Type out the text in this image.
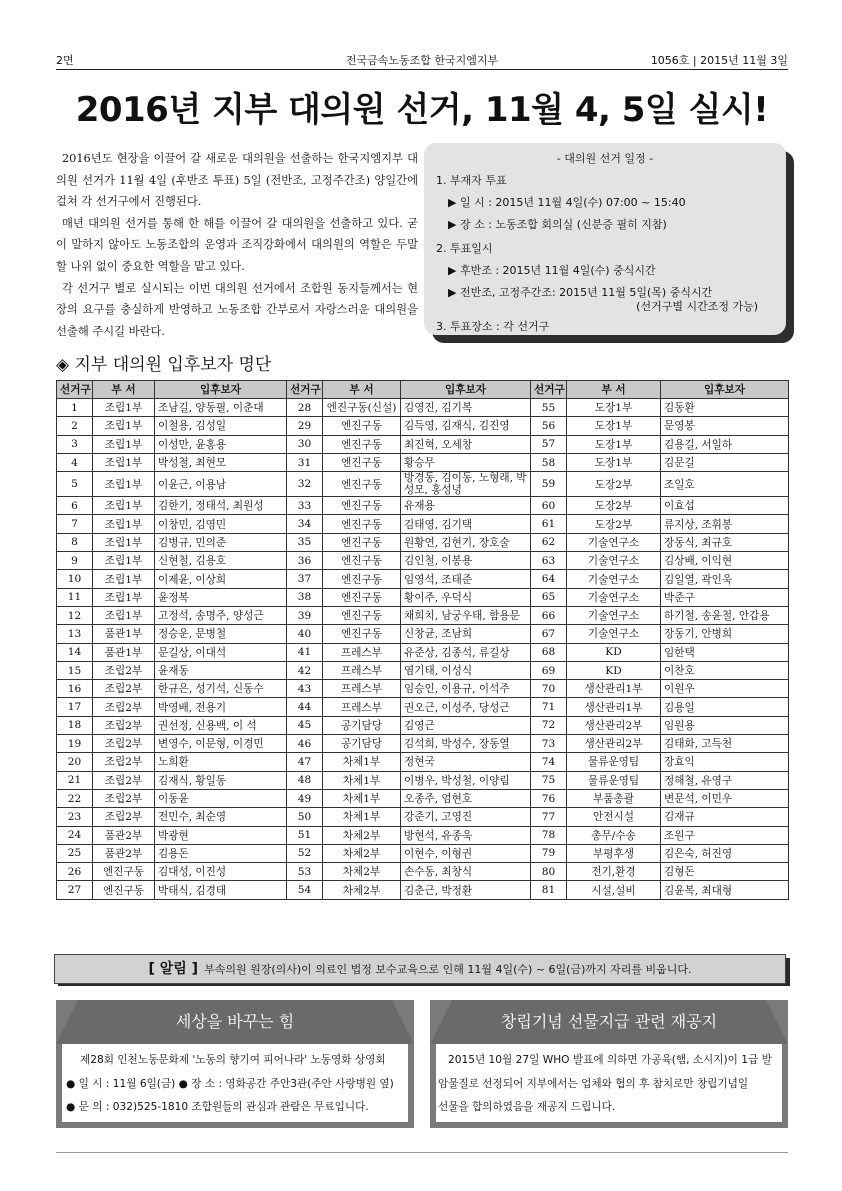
2면	전국금속노동조합 한국지엠지부	1056호 | 2015년 11월 3일
2016년 지부 대의원 선거, 11월 4, 5일 실시!

2016년도 현장을 이끌어 갈 새로운 대의원을 선출하는 한국지엠지부 대의원 선거가 11월 4일 (후반조 투표) 5일 (전반조, 고정주간조) 양일간에 걸쳐 각 선거구에서 진행된다.

매년 대의원 선거를 통해 한 해를 이끌어 갈 대의원을 선출하고 있다. 굳이 말하지 않아도 노동조합의 운영과 조직강화에서 대의원의 역할은 두말할 나위 없이 중요한 역할을 맡고 있다.

각 선거구 별로 실시되는 이번 대의원 선거에서 조합원 동지들께서는 현장의 요구를 충실하게 반영하고 노동조합 간부로서 자랑스러운 대의원을 선출해 주시길 바란다.

- 대의원 선거 일정 -
1. 부재자 투표
▶ 일 시 : 2015년 11월 4일(수) 07:00 ~ 15:40
▶ 장 소 : 노동조합 회의실 (신분증 필히 지참)
2. 투표일시
▶ 후반조 : 2015년 11월 4일(수) 중식시간
▶ 전반조, 고정주간조: 2015년 11월 5일(목) 중식시간
(선거구별 시간조정 가능)
3. 투표장소 : 각 선거구
◈ 지부 대의원 입후보자 명단
선거구	부 서	입후보자	선거구	부 서	입후보자	선거구	부 서	입후보자
1	조립1부	조남길, 양동필, 이춘대	28	엔진구동(신설)	김영진, 김기복	55	도장1부	김동환
2	조립1부	이철용, 김성일	29	엔진구동	김득영, 김재식, 김진영	56	도장1부	문영봉
3	조립1부	이성만, 윤홍용	30	엔진구동	최진혁, 오세창	57	도장1부	김용길, 서일하
4	조립1부	박성철, 최현모	31	엔진구동	황승무	58	도장1부	김문길
5	조립1부	이윤근, 이용남	32	엔진구동	방경동, 김이동, 노형래, 박성모, 홍성녕	59	도장2부	조일호
6	조립1부	김한기, 정태석, 최원성	33	엔진구동	유재용	60	도장2부	이효섭
7	조립1부	이창민, 김영민	34	엔진구동	김태영, 김기택	61	도장2부	류지상, 조휘봉
8	조립1부	김병규, 민의준	35	엔진구동	원황연, 김현기, 장호술	62	기술연구소	장동식, 최규호
9	조립1부	신현철, 김용호	36	엔진구동	김인철, 이봉용	63	기술연구소	김상배, 이익현
10	조립1부	이제윤, 이상희	37	엔진구동	임영석, 조태준	64	기술연구소	김일열, 곽인욱
11	조립1부	윤정복	38	엔진구동	황이주, 우덕식	65	기술연구소	박준구
12	조립1부	고정석, 송명주, 양성근	39	엔진구동	채희치, 남궁우태, 함용문	66	기술연구소	하기철, 송윤철, 안갑용
13	품관1부	정승운, 문병철	40	엔진구동	신창균, 조남희	67	기술연구소	장동기, 안병희
14	품관1부	문길상, 이대석	41	프레스부	유준상, 김종석, 류길상	68	KD	임한택
15	조립2부	윤재동	42	프레스부	염기태, 이성식	69	KD	이찬호
16	조립2부	한규은, 성기석, 신동수	43	프레스부	임승인, 이용규, 이석주	70	생산관리1부	이원우
17	조립2부	박영배, 전용기	44	프레스부	권오근, 이성주, 당성근	71	생산관리1부	김용일
18	조립2부	권선정, 신용백, 이 석	45	공기담당	김영근	72	생산관리2부	임원용
19	조립2부	변영수, 이문형, 이경민	46	공기담당	김석희, 박성수, 장동열	73	생산관리2부	김태화, 고득천
20	조립2부	노희환	47	차체1부	정현국	74	물류운영팀	장효익
21	조립2부	김재식, 황일동	48	차체1부	이병우, 박성철, 이양림	75	물류운영팀	정해철, 유영구
22	조립2부	이동윤	49	차체1부	오종주, 엄현호	76	부품총괄	변문석, 이민우
23	조립2부	전민수, 최순영	50	차체1부	강준기, 고영진	77	안전시설	김재규
24	품관2부	박광현	51	차체2부	방현석, 유종욱	78	총무/수송	조원구
25	품관2부	김용돈	52	차체2부	이현수, 이형권	79	부평후생	김은숙, 허진영
26	엔진구동	김대성, 이진성	53	차체2부	손수동, 최창식	80	전기,환경	김형돈
27	엔진구동	박태식, 김경태	54	차체2부	김춘근, 박정환	81	시설,설비	김윤복, 최대형
[ 알림 ] 부속의원 원장(의사)이 의료인 법정 보수교육으로 인해 11월 4일(수) ~ 6일(금)까지 자리를 비웁니다.
세상을 바꾸는 힘
제28회 인천노동문화제 '노동의 향기여 피어나라' 노동영화 상영회
● 일 시 : 11월 6일(금) ● 장 소 : 영화공간 주안3관(주안 사랑병원 옆)
● 문 의 : 032)525-1810 조합원들의 관심과 관람은 무료입니다.
창립기념 선물지급 관련 재공지
2015년 10월 27일 WHO 발표에 의하면 가공육(햄, 소시지)이 1급 발
암물질로 선정되어 지부에서는 업체와 협의 후 참치로만 창립기념일
선물을 합의하였음을 재공지 드립니다.
